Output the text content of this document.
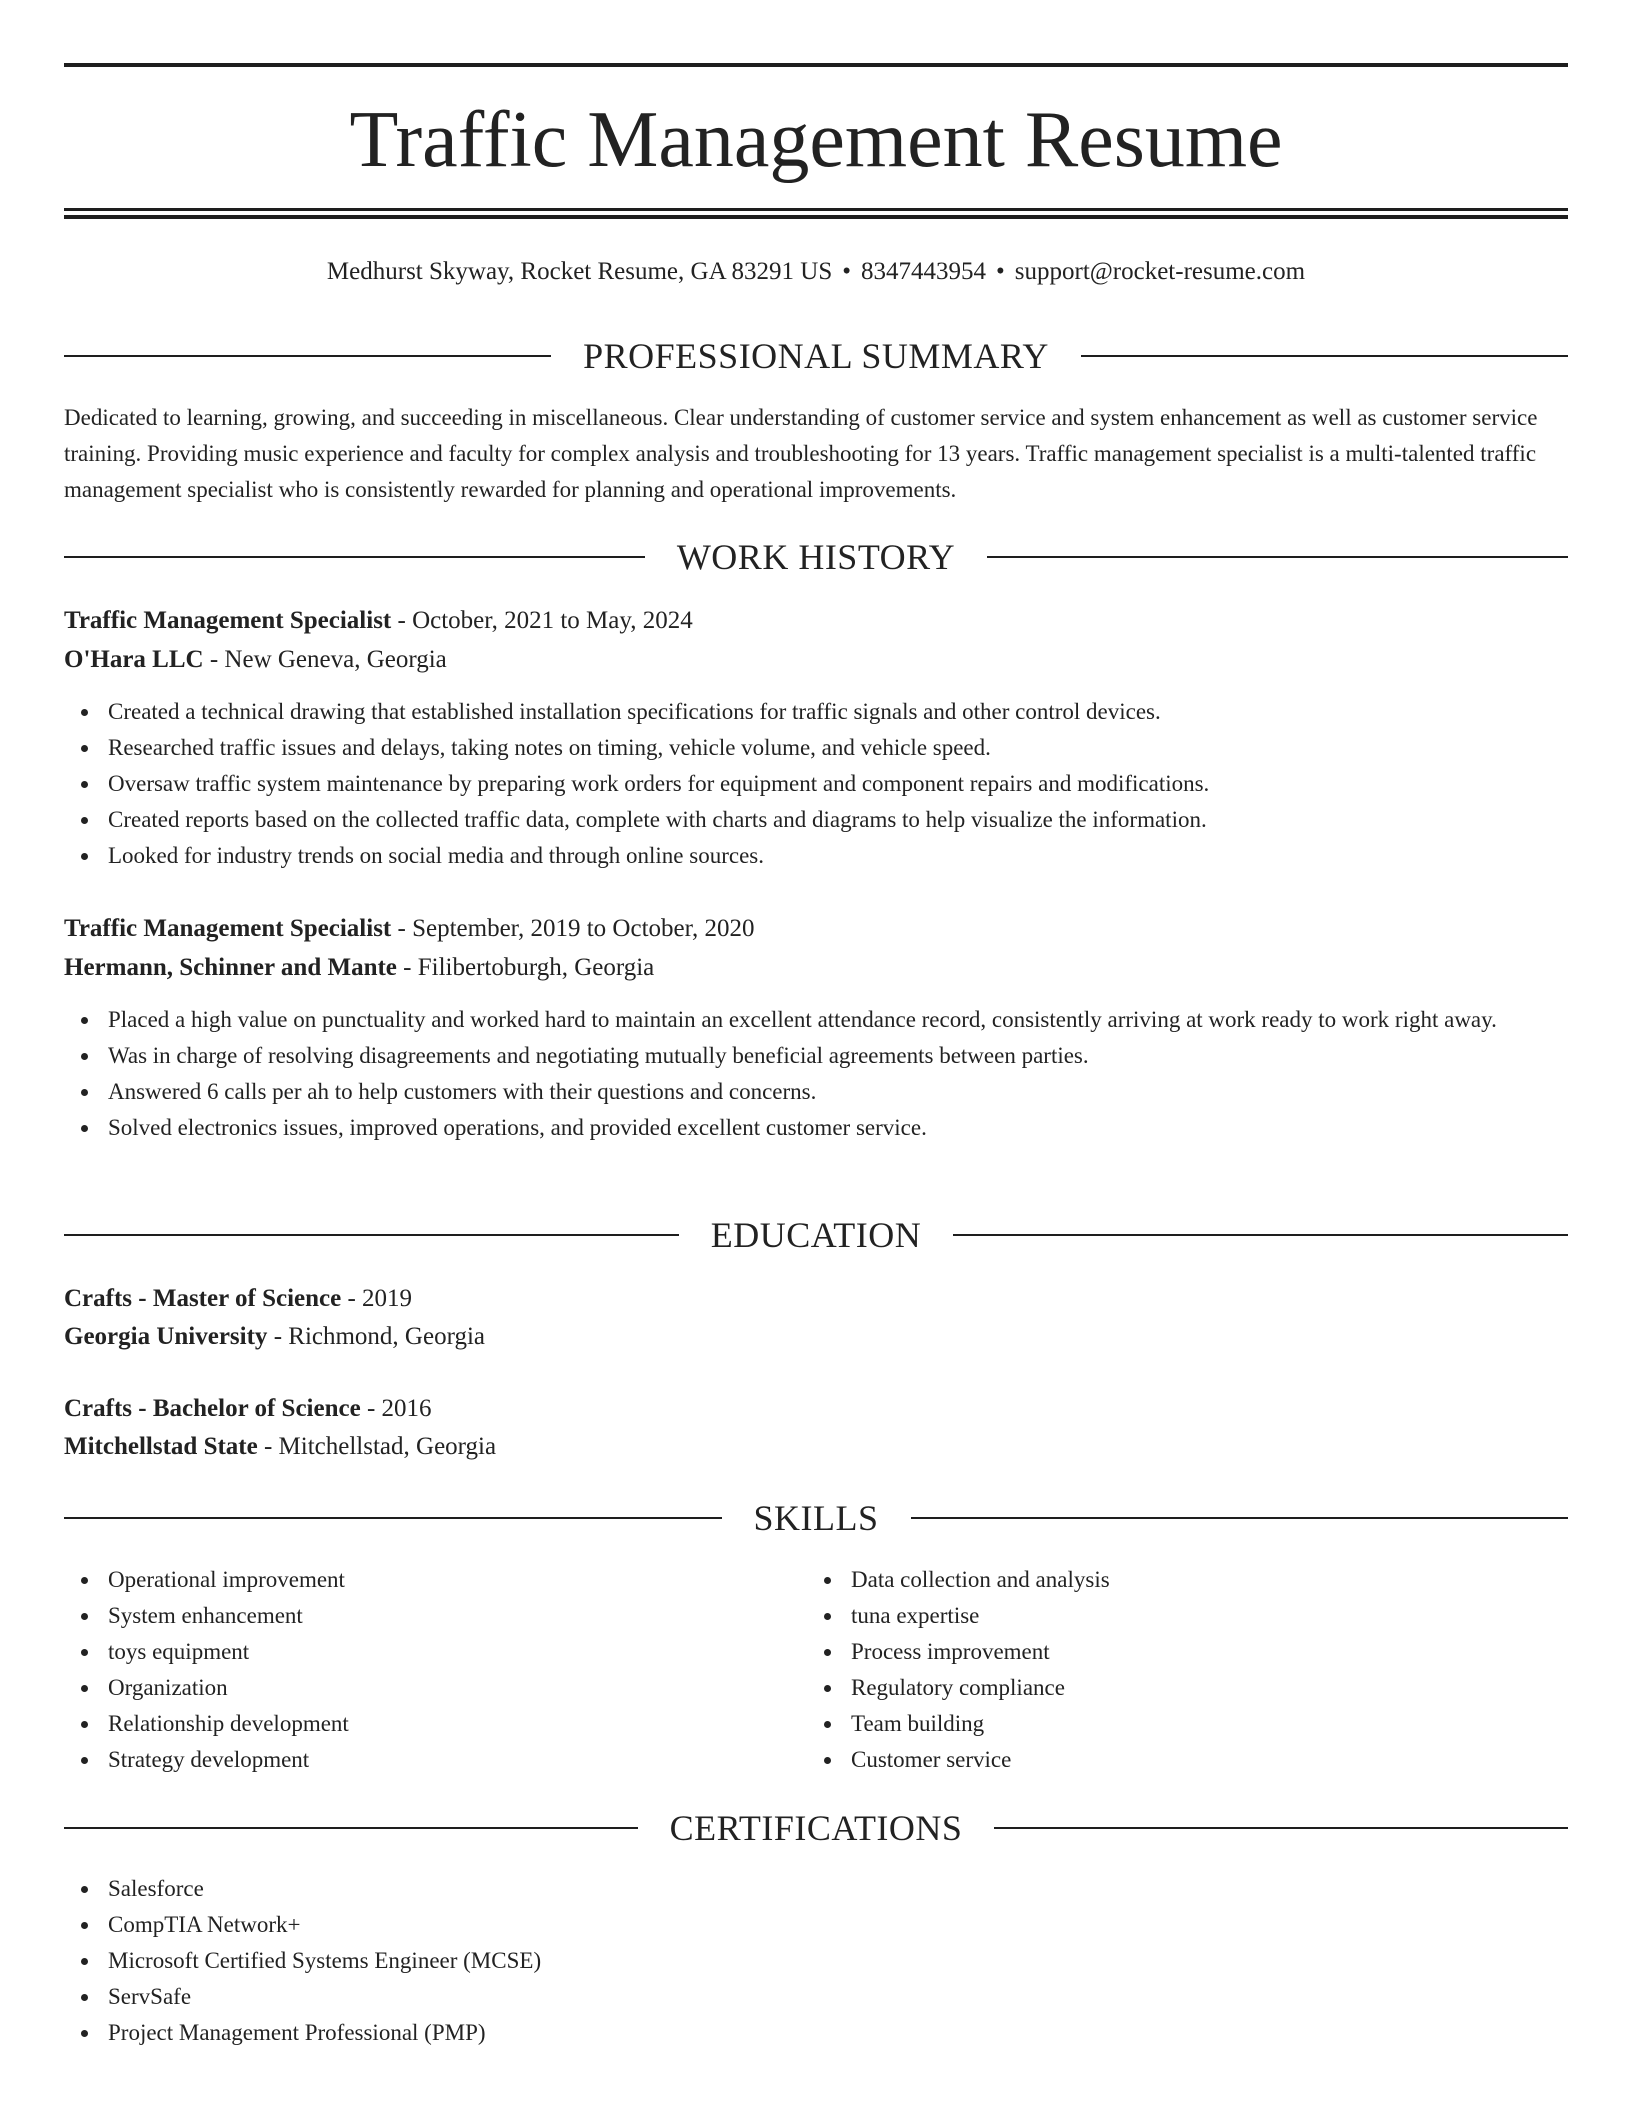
Traffic Management Resume
Medhurst Skyway, Rocket Resume, GA 83291 US • 8347443954 • support@rocket-resume.com
PROFESSIONAL SUMMARY
Dedicated to learning, growing, and succeeding in miscellaneous. Clear understanding of customer service and system enhancement as well as customer service training. Providing music experience and faculty for complex analysis and troubleshooting for 13 years. Traffic management specialist is a multi-talented traffic management specialist who is consistently rewarded for planning and operational improvements.
WORK HISTORY
Traffic Management Specialist - October, 2021 to May, 2024
O'Hara LLC - New Geneva, Georgia
Created a technical drawing that established installation specifications for traffic signals and other control devices.
Researched traffic issues and delays, taking notes on timing, vehicle volume, and vehicle speed.
Oversaw traffic system maintenance by preparing work orders for equipment and component repairs and modifications.
Created reports based on the collected traffic data, complete with charts and diagrams to help visualize the information.
Looked for industry trends on social media and through online sources.
Traffic Management Specialist - September, 2019 to October, 2020
Hermann, Schinner and Mante - Filibertoburgh, Georgia
Placed a high value on punctuality and worked hard to maintain an excellent attendance record, consistently arriving at work ready to work right away.
Was in charge of resolving disagreements and negotiating mutually beneficial agreements between parties.
Answered 6 calls per ah to help customers with their questions and concerns.
Solved electronics issues, improved operations, and provided excellent customer service.
EDUCATION
Crafts - Master of Science - 2019
Georgia University - Richmond, Georgia
Crafts - Bachelor of Science - 2016
Mitchellstad State - Mitchellstad, Georgia
SKILLS
Operational improvement
System enhancement
toys equipment
Organization
Relationship development
Strategy development
Data collection and analysis
tuna expertise
Process improvement
Regulatory compliance
Team building
Customer service
CERTIFICATIONS
Salesforce
CompTIA Network+
Microsoft Certified Systems Engineer (MCSE)
ServSafe
Project Management Professional (PMP)
